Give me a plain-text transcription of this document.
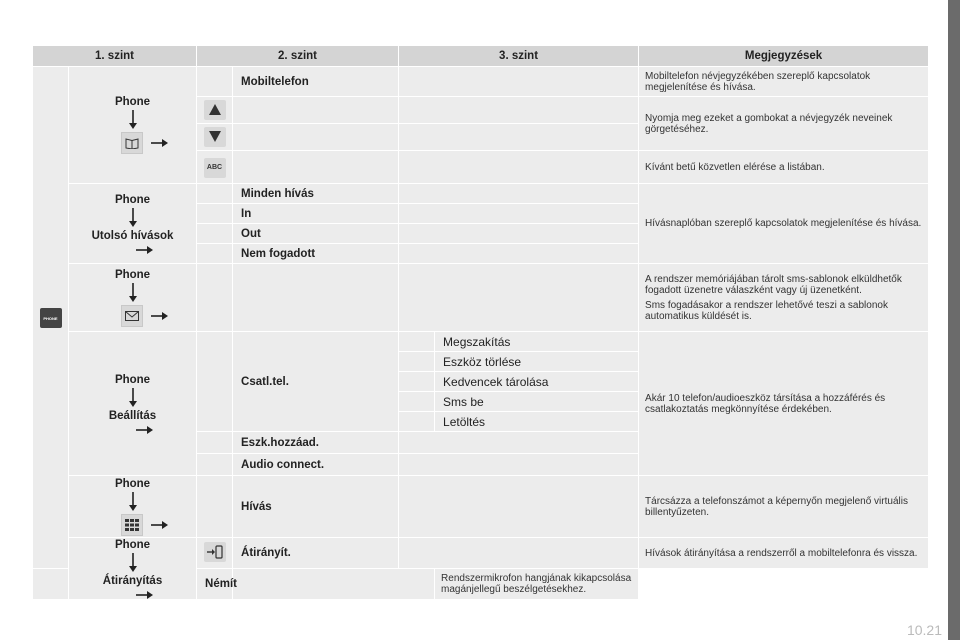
1. szint		2. szint		3. szint		Megjegyzések

PHONE	Phone		Mobiltelefon			Mobiltelefon névjegyzékében szereplő kapcsolatok megjelenítése és hívása.

			Nyomja meg ezeket a gombokat a névjegyzék neveinek görgetéséhez.

		ABC				Kívánt betű közvetlen elérése a listában.

	Phone
Utolsó hívások		Minden hívás			Hívásnaplóban szereplő kapcsolatok megjelenítése és hívása.
			In			
			Out			
			Nem fogadott			

	Phone					A rendszer memóriájában tárolt sms-sablonok elküldhetők fogadott üzenetre válaszként vagy új üzenetként.

Sms fogadásakor a rendszer lehetővé teszi a sablonok automatikus küldését is.

	Phone
Beállítás		Csatl.tel.		Megszakítás	Akár 10 telefon/audioeszköz társítása a hozzáférés és csatlakoztatás megkönnyítése érdekében.
					Eszköz törlése	
					Kedvencek tárolása	
					Sms be	
					Letöltés	
			Eszk.hozzáad.			
			Audio connect.			

	Phone		Hívás			Tárcsázza a telefonszámot a képernyőn megjelenő virtuális billentyűzeten.

	Phone
Átirányítás		Átirányít.			Hívások átirányítása a rendszerről a mobiltelefonra és vissza.
		Némít			Rendszermikrofon hangjának kikapcsolása magánjellegű beszélgetésekhez.	
10.21
